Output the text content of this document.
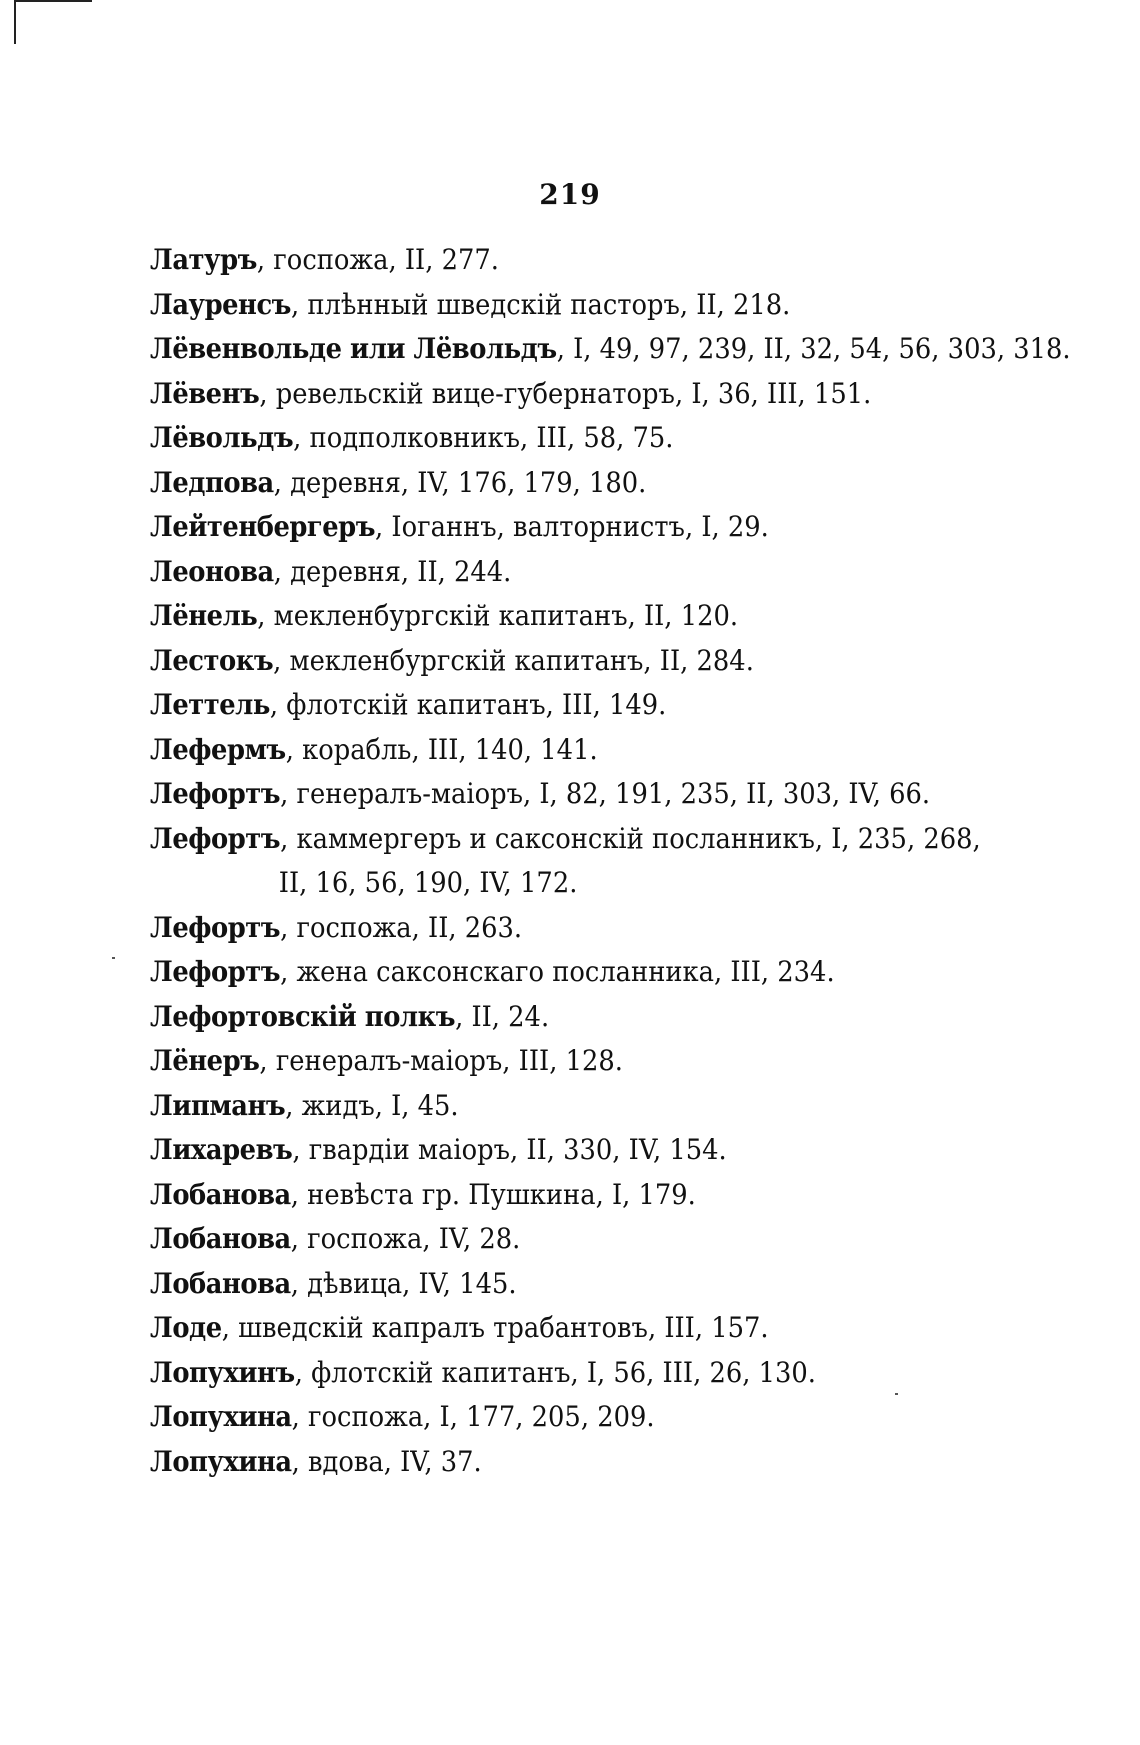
219
Латуръ, госпожа, II, 277.
Лауренсъ, плѣнный шведскій пасторъ, II, 218.
Лёвенвольде или Лёвольдъ, I, 49, 97, 239, II, 32, 54, 56, 303, 318.
Лёвенъ, ревельскій вице-губернаторъ, I, 36, III, 151.
Лёвольдъ, подполковникъ, III, 58, 75.
Ледпова, деревня, IV, 176, 179, 180.
Лейтенбергеръ, Іоганнъ, валторнистъ, I, 29.
Леонова, деревня, II, 244.
Лёнель, мекленбургскій капитанъ, II, 120.
Лестокъ, мекленбургскій капитанъ, II, 284.
Леттель, флотскій капитанъ, III, 149.
Лефермъ, корабль, III, 140, 141.
Лефортъ, генералъ-маіоръ, I, 82, 191, 235, II, 303, IV, 66.
Лефортъ, каммергеръ и саксонскій посланникъ, I, 235, 268,
II, 16, 56, 190, IV, 172.
Лефортъ, госпожа, II, 263.
Лефортъ, жена саксонскаго посланника, III, 234.
Лефортовскій полкъ, II, 24.
Лёнеръ, генералъ-маіоръ, III, 128.
Липманъ, жидъ, I, 45.
Лихаревъ, гвардіи маіоръ, II, 330, IV, 154.
Лобанова, невѣста гр. Пушкина, I, 179.
Лобанова, госпожа, IV, 28.
Лобанова, дѣвица, IV, 145.
Лоде, шведскій капралъ трабантовъ, III, 157.
Лопухинъ, флотскій капитанъ, I, 56, III, 26, 130.
Лопухина, госпожа, I, 177, 205, 209.
Лопухина, вдова, IV, 37.
